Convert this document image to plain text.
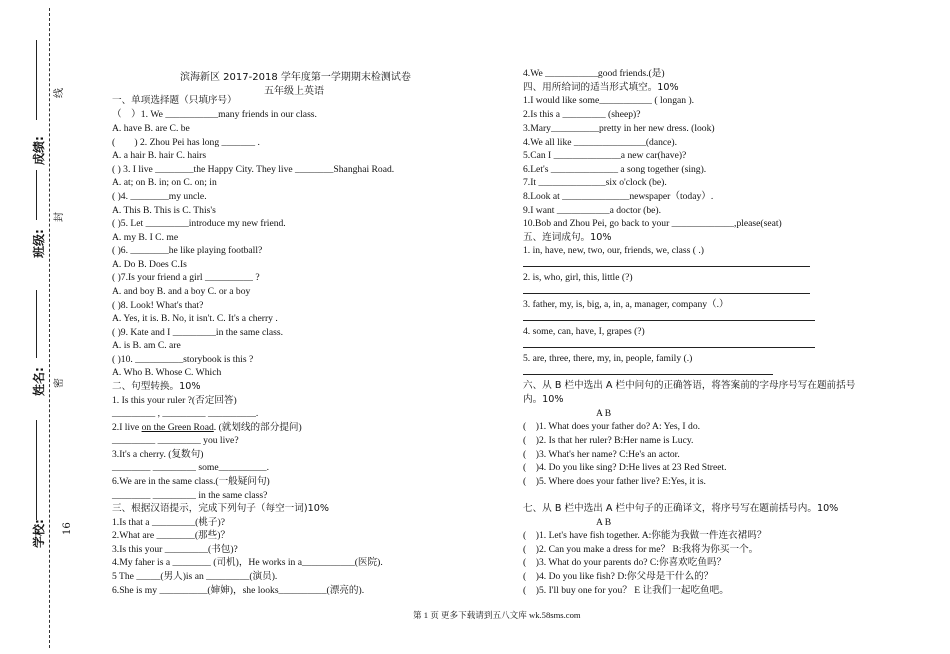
学校:
姓名:
班级:
成绩:
密
封
线
16
滨海新区 2017-2018 学年度第一学期期末检测试卷
五年级上英语
一、单项选择题（只填序号）
（　）1. We ___________many friends in our class.
A. have B. are C. be
(　　) 2. Zhou Pei has long _______ .
A. a hair B. hair C. hairs
( ) 3. I live ________the Happy City. They live ________Shanghai Road.
A. at; on B. in; on C. on; in
( )4. ________my uncle.
A. This B. This is C. This's
( )5. Let _________introduce my new friend.
A. my B. I C. me
( )6. ________he like playing football?
A. Do B. Does C.Is
( )7.Is your friend a girl __________ ?
A. and boy B. and a boy C. or a boy
( )8. Look! What's that?
A. Yes, it is. B. No, it isn't. C. It's a cherry .
( )9. Kate and I _________in the same class.
A. is B. am C. are
( )10. __________storybook is this ?
A. Who B. Whose C. Which
二、句型转换。10%
1. Is this your ruler ?(否定回答)
_________ , _________ __________.
2.I live on the Green Road. (就划线的部分提问)
_________ _________ you live?
3.It's a cherry. (复数句)
________ _________ some__________.
6.We are in the same class.(一般疑问句)
________ _________ in the same class?
三、根据汉语提示，完成下列句子（每空一词)10%
1.Is that a _________(桃子)?
2.What are ________(那些)？
3.Is this your _________(书包)?
4.My faher is a ________ (司机)，He works in a___________(医院).
5 The _____(男人)is an _________(演员).
6.She is my __________(婶婶)，she looks__________(漂亮的).
4.We ___________good friends.(是)
四、用所给词的适当形式填空。10%
1.I would like some___________ ( longan ).
2.Is this a _________ (sheep)?
3.Mary__________pretty in her new dress. (look)
4.We all like _______________(dance).
5.Can I ______________a new car(have)?
6.Let's ______________ a song together (sing).
7.It ______________six o'clock (be).
8.Look at ______________newspaper（today）.
9.I want ___________a doctor (be).
10.Bob and Zhou Pei, go back to your _____________,please(seat)
五、连词成句。10%
1. in, have, new, two, our, friends, we, class ( .)
2. is, who, girl, this, little (?)
3. father, my, is, big, a, in, a, manager, company（.）
4. some, can, have, I, grapes (?)
5. are, three, there, my, in, people, family (.)
六、从 B 栏中选出 A 栏中问句的正确答语，将答案前的字母序号写在题前括号
内。10%
A B
(　)1. What does your father do? A: Yes, I do.
(　)2. Is that her ruler? B:Her name is Lucy.
(　)3. What's her name? C:He's an actor.
(　)4. Do you like sing? D:He lives at 23 Red Street.
(　)5. Where does your father live? E:Yes, it is.
七、从 B 栏中选出 A 栏中句子的正确译文，将序号写在题前括号内。10%
A B
(　)1. Let's have fish together. A:你能为我做一件连衣裙吗？
(　)2. Can you make a dress for me？ B:我将为你买一个。
(　)3. What do your parents do? C:你喜欢吃鱼吗？
(　)4. Do you like fish? D:你父母是干什么的？
(　)5. I'll buy one for you？ E 让我们一起吃鱼吧。
第 1 页 更多下载请到五八文库 wk.58sms.com
